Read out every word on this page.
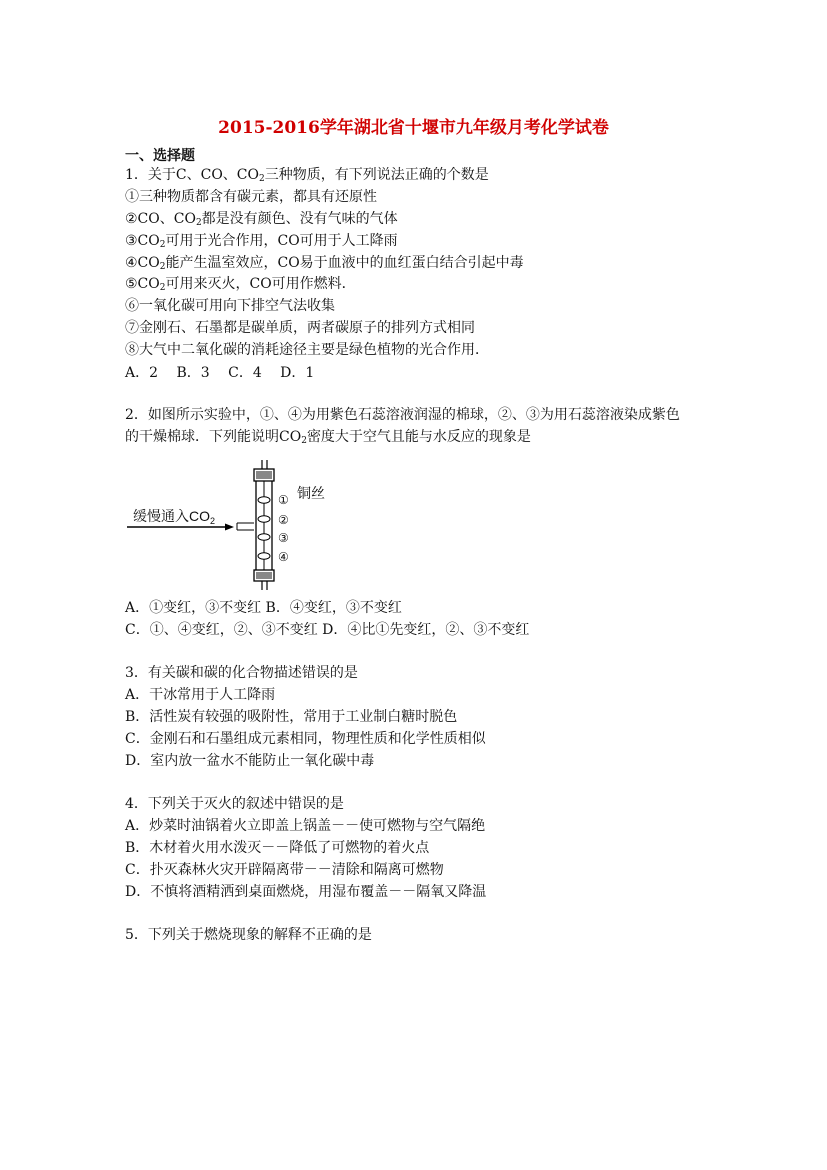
2015-2016学年湖北省十堰市九年级月考化学试卷
一、选择题
1．关于C、CO、$CO_2$三种物质，有下列说法正确的个数是
①三种物质都含有碳元素，都具有还原性
②CO、$CO_2$都是没有颜色、没有气味的气体
$③CO_2$可用于光合作用，CO可用于人工降雨
$④CO_2$能产生温室效应，CO易于血液中的血红蛋白结合引起中毒
$⑤CO_2$可用来灭火，CO可用作燃料．
⑥一氧化碳可用向下排空气法收集
⑦金刚石、石墨都是碳单质，两者碳原子的排列方式相同
⑧大气中二氧化碳的消耗途径主要是绿色植物的光合作用．
A．2　 B．3　 C．4　 D．1
2．如图所示实验中，①、④为用紫色石蕊溶液润湿的棉球，②、③为用石蕊溶液染成紫色
的干燥棉球．下列能说明$CO_2$密度大于空气且能与水反应的现象是
缓慢通入$CO_2$
①
②
③
④
铜丝
A．①变红，③不变红 B．④变红，③不变红
C．①、④变红，②、③不变红 D．④比①先变红，②、③不变红
3．有关碳和碳的化合物描述错误的是
A．干冰常用于人工降雨
B．活性炭有较强的吸附性，常用于工业制白糖时脱色
C．金刚石和石墨组成元素相同，物理性质和化学性质相似
D．室内放一盆水不能防止一氧化碳中毒
4．下列关于灭火的叙述中错误的是
A．炒菜时油锅着火立即盖上锅盖－－使可燃物与空气隔绝
B．木材着火用水泼灭－－降低了可燃物的着火点
C．扑灭森林火灾开辟隔离带－－清除和隔离可燃物
D．不慎将酒精洒到桌面燃烧，用湿布覆盖－－隔氧又降温
5．下列关于燃烧现象的解释不正确的是
